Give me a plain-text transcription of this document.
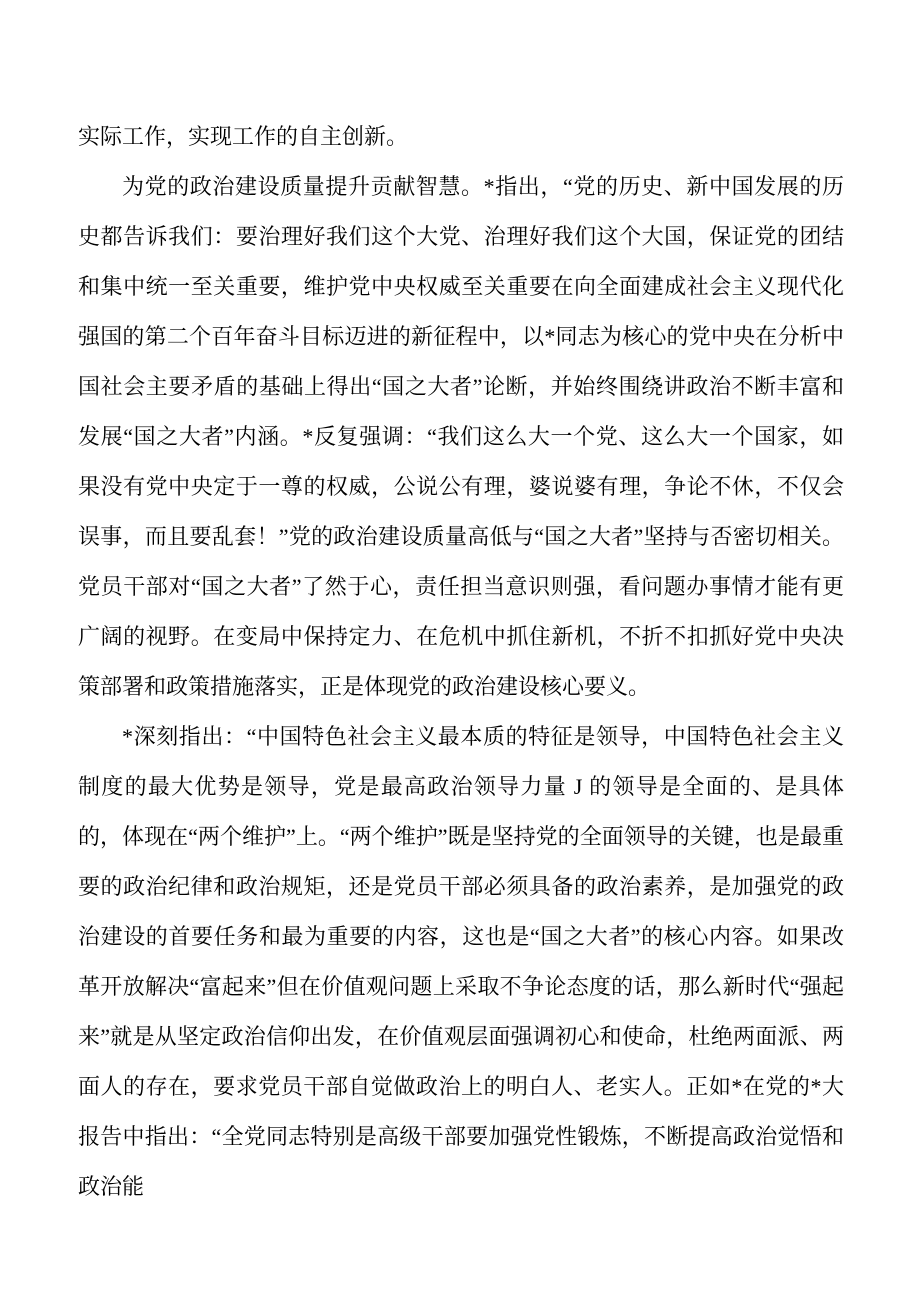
实际工作，实现工作的自主创新。

为党的政治建设质量提升贡献智慧。*指出，“党的历史、新中国发展的历史都告诉我们：要治理好我们这个大党、治理好我们这个大国，保证党的团结和集中统一至关重要，维护党中央权威至关重要在向全面建成社会主义现代化强国的第二个百年奋斗目标迈进的新征程中，以*同志为核心的党中央在分析中国社会主要矛盾的基础上得出“国之大者”论断，并始终围绕讲政治不断丰富和发展“国之大者”内涵。*反复强调：“我们这么大一个党、这么大一个国家，如果没有党中央定于一尊的权威，公说公有理，婆说婆有理，争论不休，不仅会误事，而且要乱套！”党的政治建设质量高低与“国之大者”坚持与否密切相关。党员干部对“国之大者”了然于心，责任担当意识则强，看问题办事情才能有更广阔的视野。在变局中保持定力、在危机中抓住新机，不折不扣抓好党中央决策部署和政策措施落实，正是体现党的政治建设核心要义。

*深刻指出：“中国特色社会主义最本质的特征是领导，中国特色社会主义制度的最大优势是领导，党是最高政治领导力量 J 的领导是全面的、是具体的，体现在“两个维护”上。“两个维护”既是坚持党的全面领导的关键，也是最重要的政治纪律和政治规矩，还是党员干部必须具备的政治素养，是加强党的政治建设的首要任务和最为重要的内容，这也是“国之大者”的核心内容。如果改革开放解决“富起来”但在价值观问题上采取不争论态度的话，那么新时代“强起来”就是从坚定政治信仰出发，在价值观层面强调初心和使命，杜绝两面派、两面人的存在，要求党员干部自觉做政治上的明白人、老实人。正如*在党的*大报告中指出：“全党同志特别是高级干部要加强党性锻炼，不断提高政治觉悟和政治能
